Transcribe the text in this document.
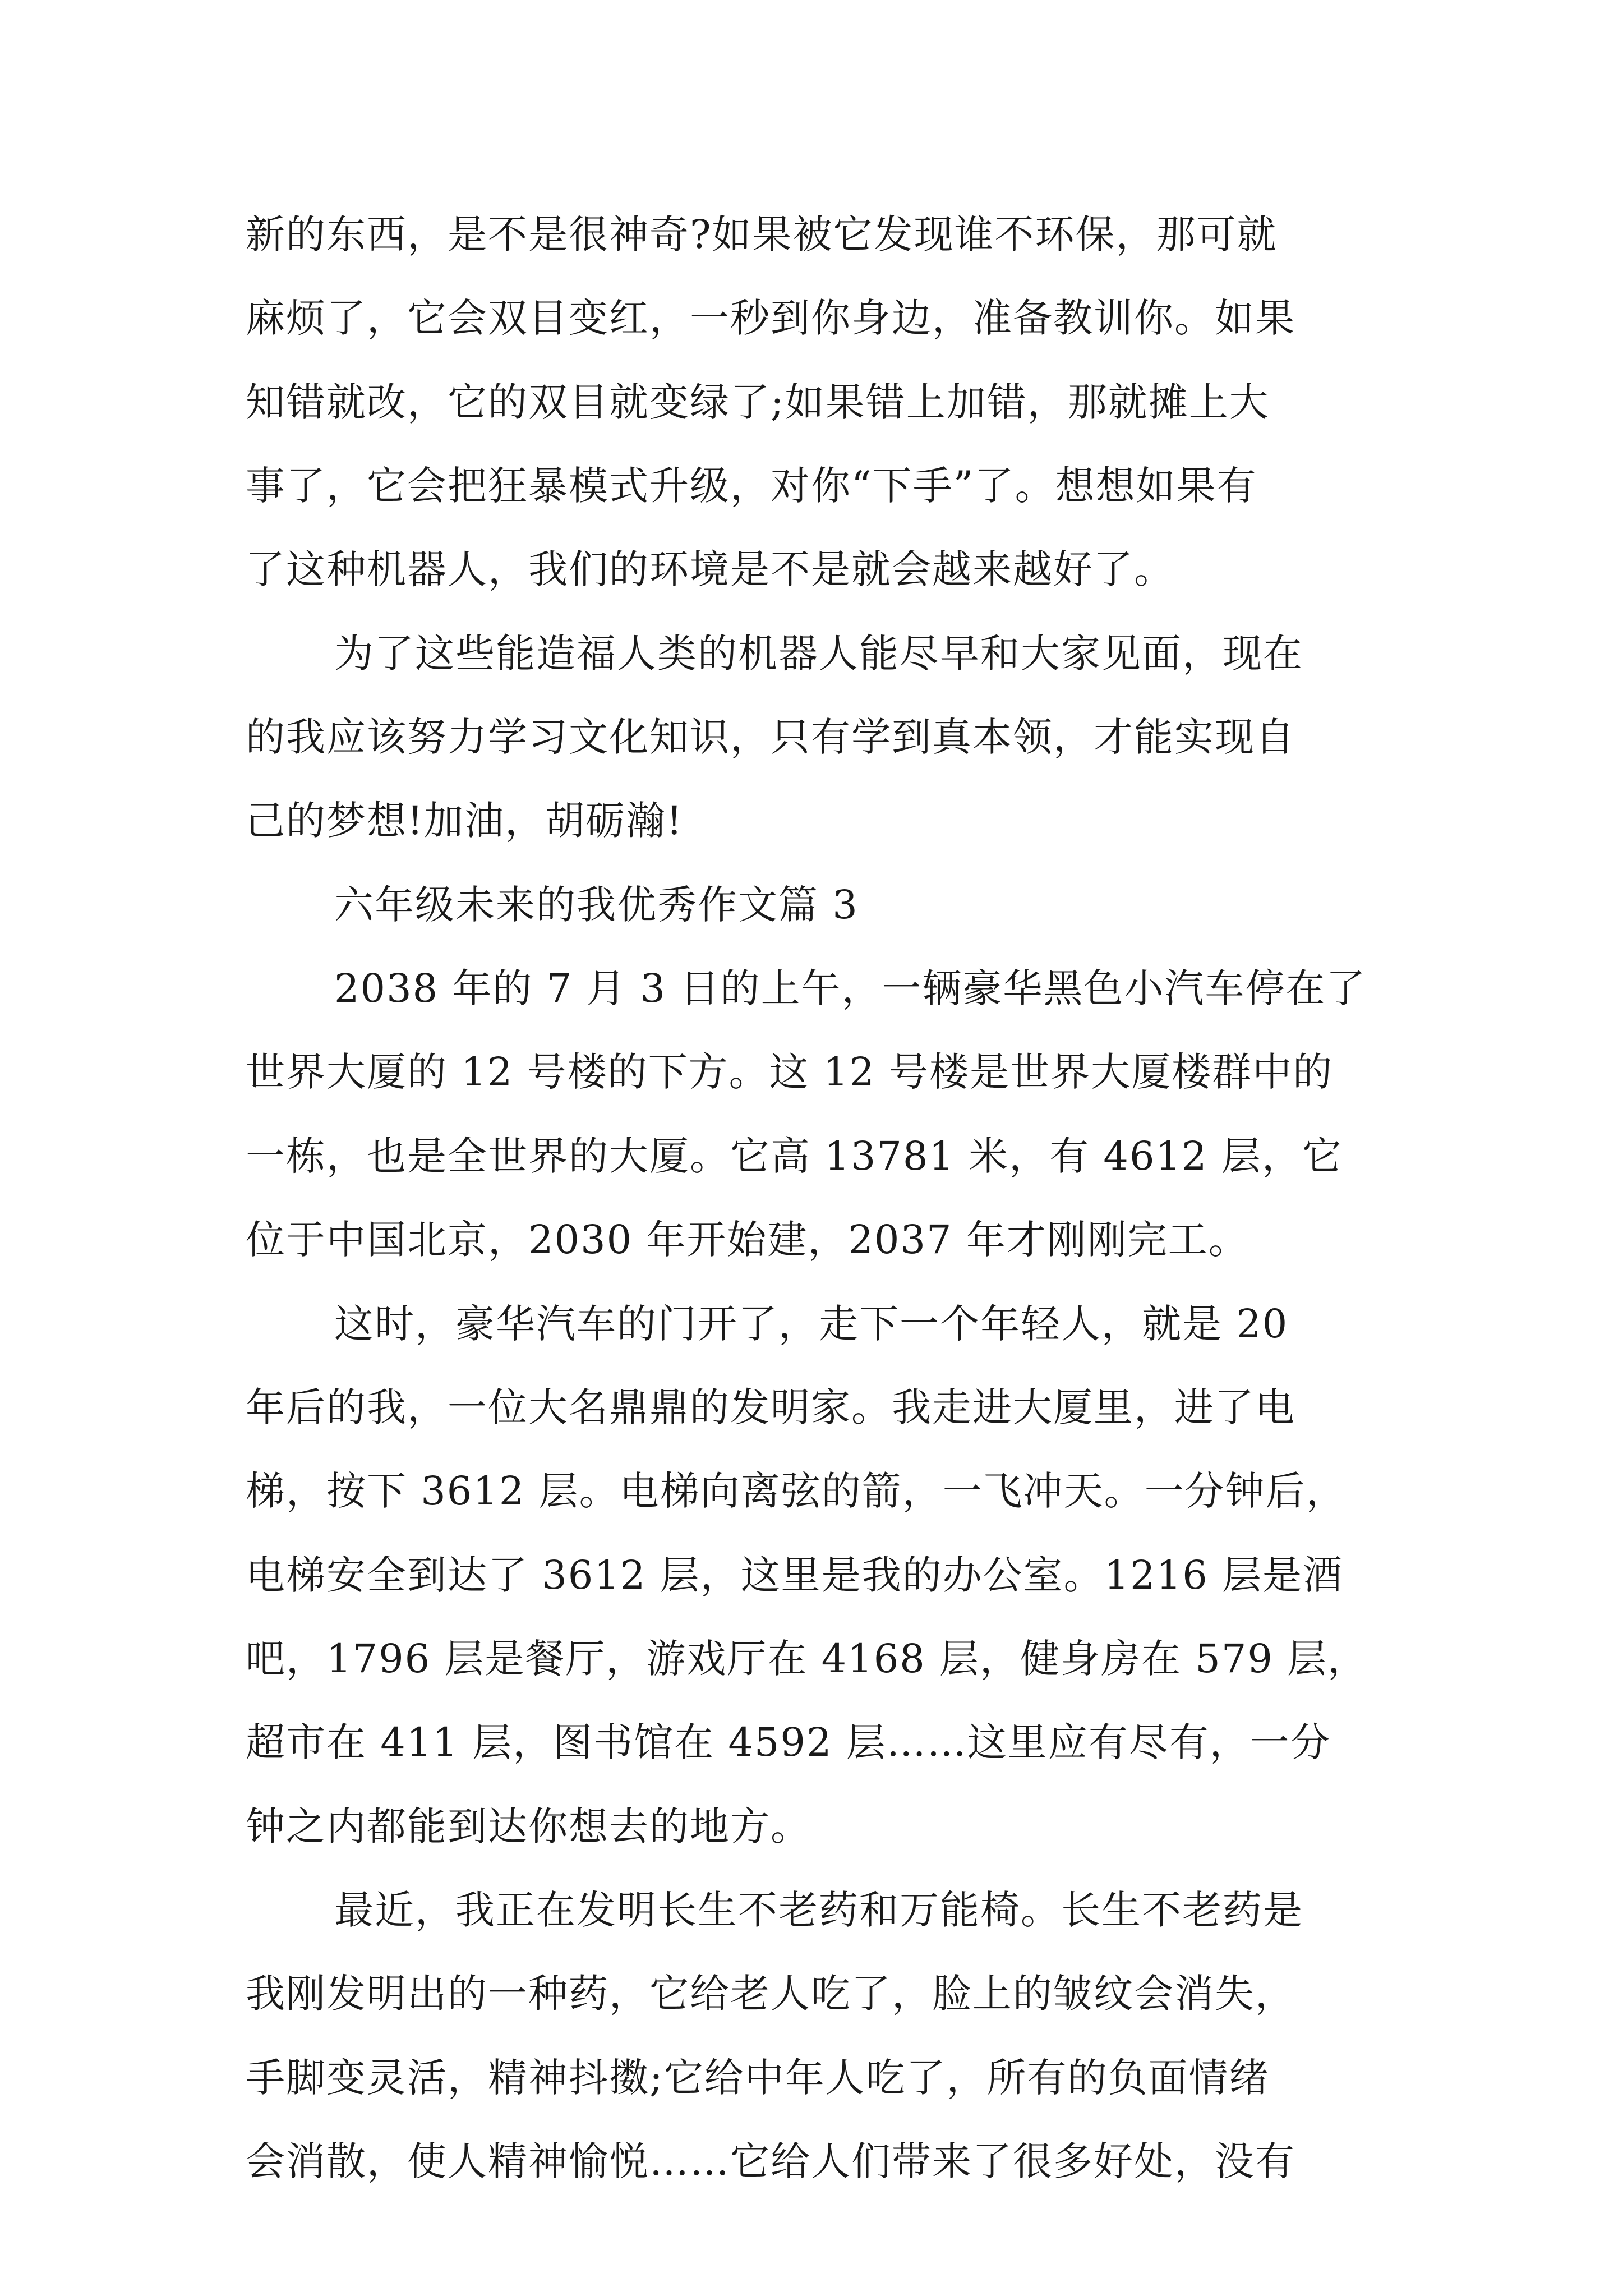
新的东西，是不是很神奇?如果被它发现谁不环保，那可就
麻烦了，它会双目变红，一秒到你身边，准备教训你。如果
知错就改，它的双目就变绿了;如果错上加错，那就摊上大
事了，它会把狂暴模式升级，对你“下手”了。想想如果有
了这种机器人，我们的环境是不是就会越来越好了。
为了这些能造福人类的机器人能尽早和大家见面，现在
的我应该努力学习文化知识，只有学到真本领，才能实现自
己的梦想!加油，胡砺瀚!
六年级未来的我优秀作文篇 3
2038 年的 7 月 3 日的上午，一辆豪华黑色小汽车停在了
世界大厦的 12 号楼的下方。这 12 号楼是世界大厦楼群中的
一栋，也是全世界的大厦。它高 13781 米，有 4612 层，它
位于中国北京，2030 年开始建，2037 年才刚刚完工。
这时，豪华汽车的门开了，走下一个年轻人，就是 20
年后的我，一位大名鼎鼎的发明家。我走进大厦里，进了电
梯，按下 3612 层。电梯向离弦的箭，一飞冲天。一分钟后，
电梯安全到达了 3612 层，这里是我的办公室。1216 层是酒
吧，1796 层是餐厅，游戏厅在 4168 层，健身房在 579 层，
超市在 411 层，图书馆在 4592 层……这里应有尽有，一分
钟之内都能到达你想去的地方。
最近，我正在发明长生不老药和万能椅。长生不老药是
我刚发明出的一种药，它给老人吃了，脸上的皱纹会消失，
手脚变灵活，精神抖擞;它给中年人吃了，所有的负面情绪
会消散，使人精神愉悦……它给人们带来了很多好处，没有
